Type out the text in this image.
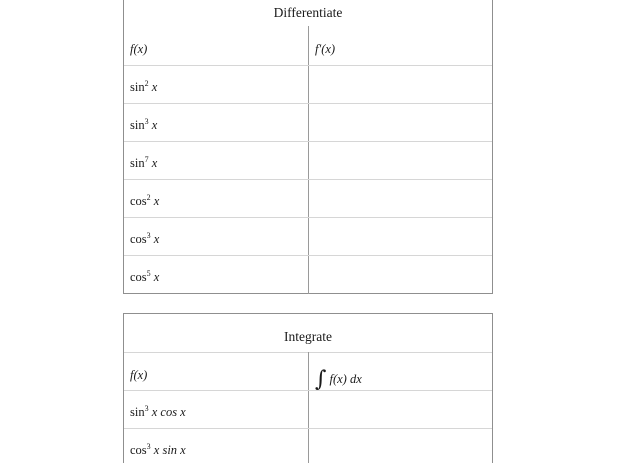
Differentiate
f(x)	f′(x)
$\sin^2 x$
$\sin^3 x$
$\sin^7 x$
$\cos^2 x$
$\cos^3 x$
$\cos^5 x$
Integrate
f(x)	∫ f(x) dx
$\sin^3 x$ cos x
$\cos^3 x$ sin x
